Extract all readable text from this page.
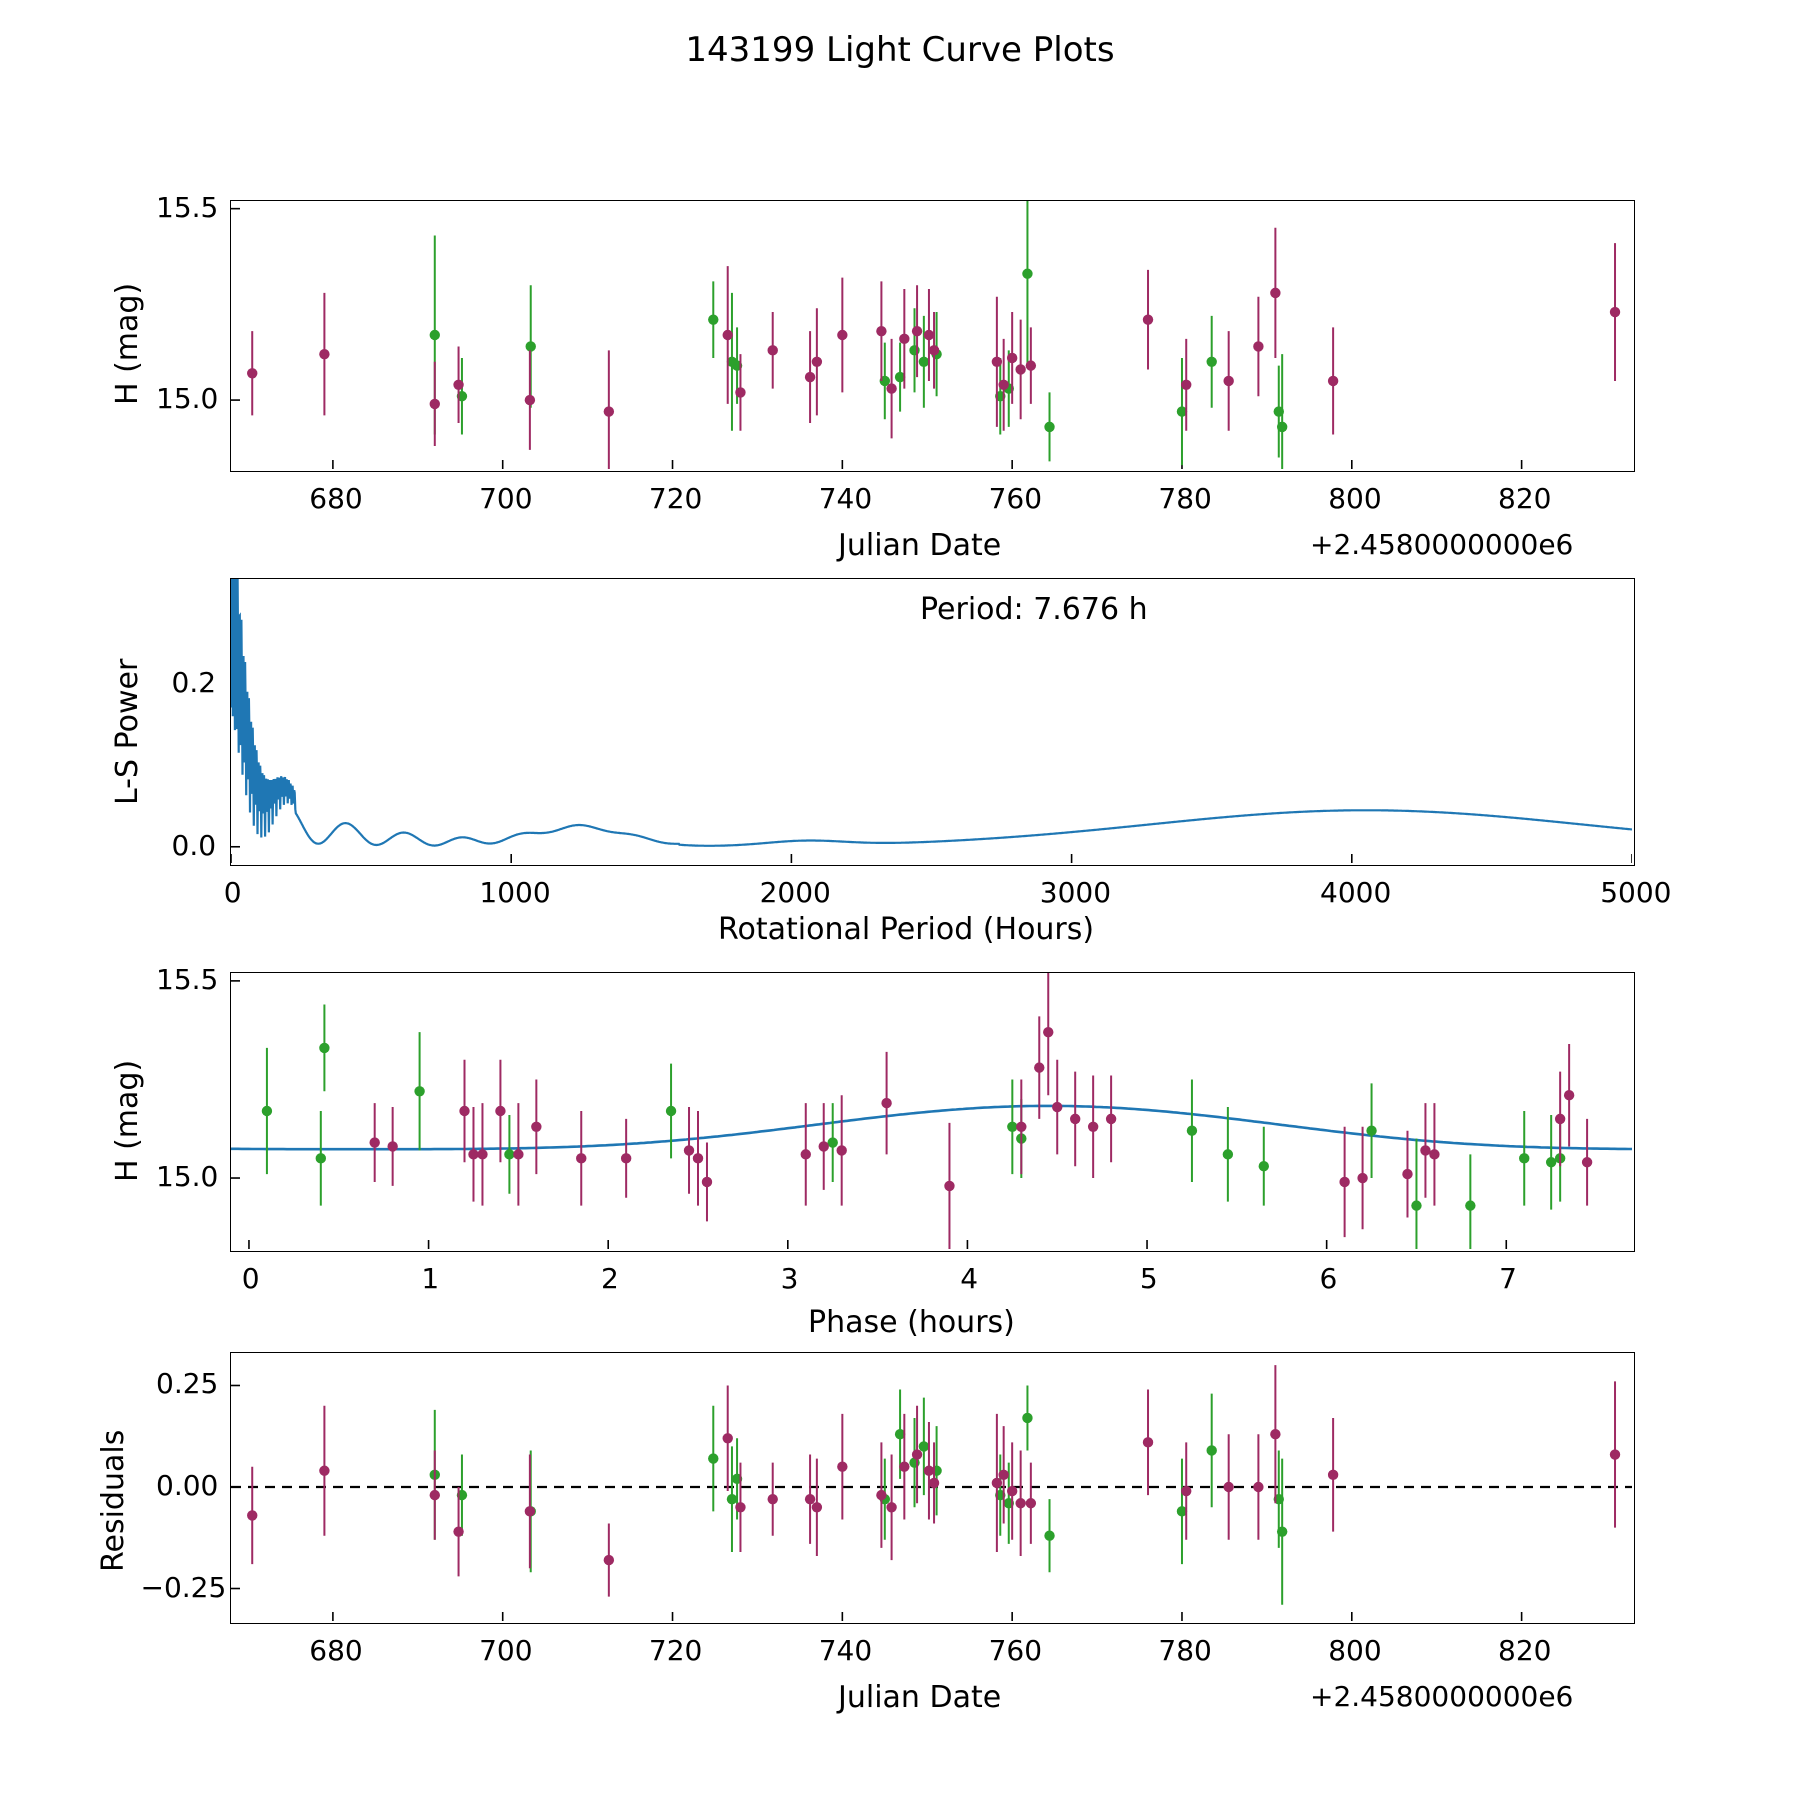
143199 Light Curve Plots
H (mag)
Julian Date	+2.4580000000e6
L-S Power
Rotational Period (Hours)
Period: 7.676 h
H (mag)
Phase (hours)
Residuals
Julian Date	+2.4580000000e6
680	700	720	740	760	780	800	820
15.0
15.5
0	1000	2000	3000	4000	5000
0.0
0.2
0	1	2	3	4	5	6	7
15.0
15.5
680	700	720	740	760	780	800	820
−0.25
0.00
0.25
